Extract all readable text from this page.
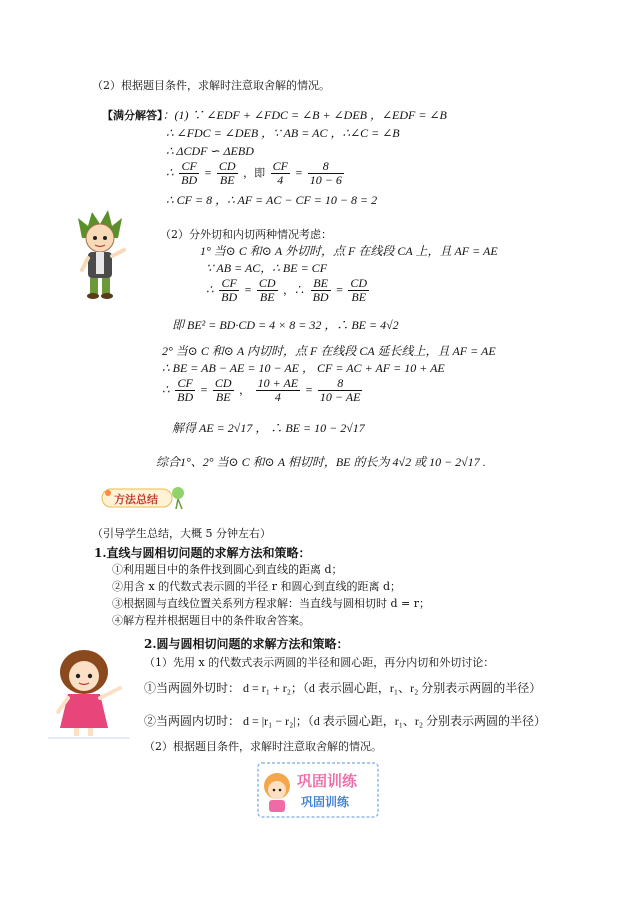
（2）根据题目条件，求解时注意取舍解的情况。
【满分解答】：(1) ∵ ∠EDF + ∠FDC = ∠B + ∠DEB ，∠EDF = ∠B
∴ ∠FDC = ∠DEB ，∵ AB = AC ，∴∠C = ∠B
∴ ΔCDF ∽ ΔEBD
∴ $\frac{CF}{BD} = \frac{CD}{BE}$ ，即 $\frac{CF}{4} = \frac{8}{10 - 6}$
∴ CF = 8 ，∴ AF = AC − CF = 10 − 8 = 2
（2）分外切和内切两种情况考虑：
1° 当⊙ C 和⊙ A 外切时，点 F 在线段 CA 上，且 AF = AE
∵ AB = AC，∴ BE = CF
∴ $\frac{CF}{BD} = \frac{CD}{BE}$ ，∴ $\frac{BE}{BD} = \frac{CD}{BE}$
即 BE² = BD·CD = 4 × 8 = 32 ，∴ BE = 4√2
2° 当⊙ C 和⊙ A 内切时，点 F 在线段 CA 延长线上，且 AF = AE
∴ BE = AB − AE = 10 − AE ， CF = AC + AF = 10 + AE
∴ $\frac{CF}{BD} = \frac{CD}{BE}$ ， $\frac{10 + AE}{4} = \frac{8}{10 - AE}$
解得 AE = 2√17 ， ∴ BE = 10 − 2√17
综合1°、2° 当⊙ C 和⊙ A 相切时，BE 的长为 4√2 或 10 − 2√17 .
方法总结
（引导学生总结，大概 5 分钟左右）
1.直线与圆相切问题的求解方法和策略：
①利用题目中的条件找到圆心到直线的距离 d；
②用含 x 的代数式表示圆的半径 r 和圆心到直线的距离 d；
③根据圆与直线位置关系列方程求解：当直线与圆相切时 d = r；
④解方程并根据题目中的条件取舍答案。
2.圆与圆相切问题的求解方法和策略：
（1）先用 x 的代数式表示两圆的半径和圆心距，再分内切和外切讨论：
①当两圆外切时： d = r₁ + r₂；（d 表示圆心距，r₁、r₂ 分别表示两圆的半径）
②当两圆内切时： d = |r₁ − r₂|；（d 表示圆心距，r₁、r₂ 分别表示两圆的半径）
（2）根据题目条件，求解时注意取舍解的情况。
巩固训练
巩固训练
